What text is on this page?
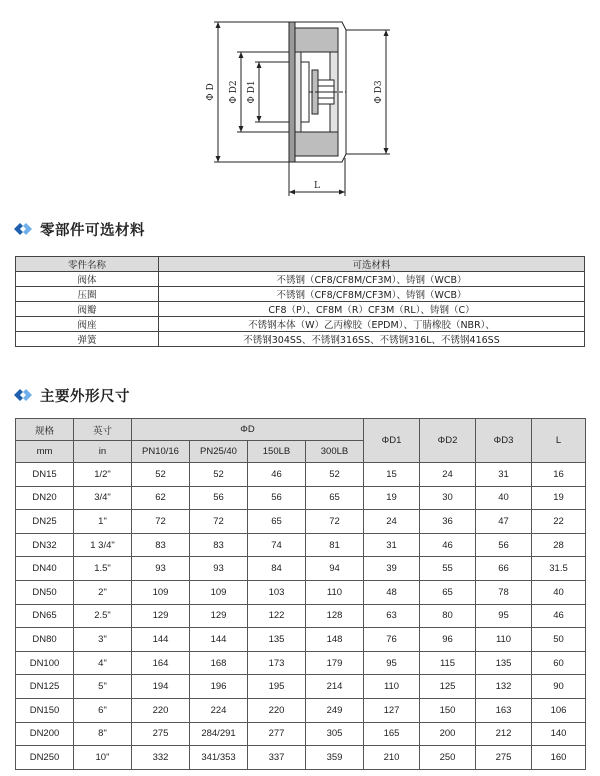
Φ D Φ D2 Φ D1	Φ D3
L
零部件可选材料
零件名称	可选材料
阀体	不锈钢（CF8/CF8M/CF3M）、铸钢（WCB）
压圈	不锈钢（CF8/CF8M/CF3M）、铸钢（WCB）
阀瓣	CF8（P）、CF8M（R）CF3M（RL）、铸钢（C）
阀座	不锈钢本体（W）乙丙橡胶（EPDM）、丁腈橡胶（NBR）、
弹簧	不锈钢304SS、不锈钢316SS、不锈钢316L、不锈钢416SS
主要外形尺寸
规格	英寸	ΦD				ΦD1	ΦD2	ΦD3	L
mm	in	PN10/16	PN25/40	150LB	300LB				
DN15	1/2"	52	52	46	52	15	24	31	16
DN20	3/4"	62	56	56	65	19	30	40	19
DN25	1"	72	72	65	72	24	36	47	22
DN32	1 3/4"	83	83	74	81	31	46	56	28
DN40	1.5"	93	93	84	94	39	55	66	31.5
DN50	2"	109	109	103	110	48	65	78	40
DN65	2.5"	129	129	122	128	63	80	95	46
DN80	3"	144	144	135	148	76	96	110	50
DN100	4"	164	168	173	179	95	115	135	60
DN125	5"	194	196	195	214	110	125	132	90
DN150	6"	220	224	220	249	127	150	163	106
DN200	8"	275	284/291	277	305	165	200	212	140
DN250	10"	332	341/353	337	359	210	250	275	160
